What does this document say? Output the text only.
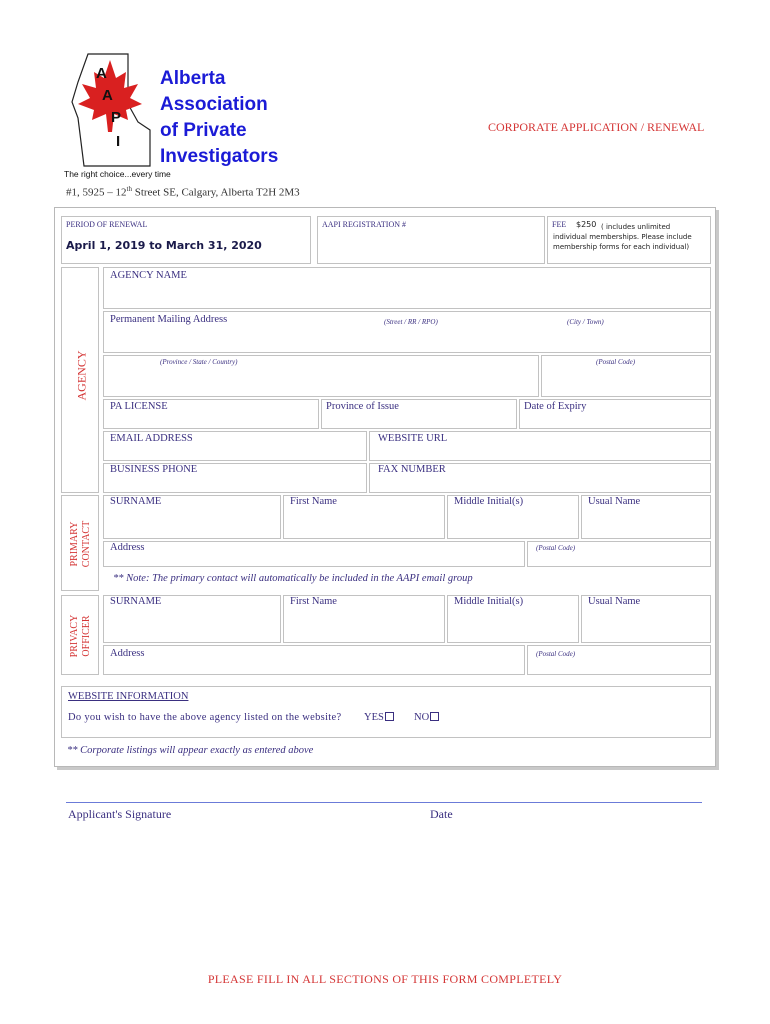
A
A
P
I
Alberta
Association
of Private
Investigators
The right choice...every time
CORPORATE APPLICATION / RENEWAL
#1, 5925 – 12th Street SE, Calgary, Alberta T2H 2M3
PERIOD OF RENEWAL
April 1, 2019 to March 31, 2020
AAPI REGISTRATION #	FEE $250 ( includes unlimited individual memberships. Please include membership forms for each individual)
AGENCY
AGENCY NAME
Permanent Mailing Address	(Street / RR / RPO)	(City / Town)
(Province / State / Country)	(Postal Code)
PA LICENSE	Province of Issue	Date of Expiry
EMAIL ADDRESS	WEBSITE URL
BUSINESS PHONE	FAX NUMBER
PRIMARY CONTACT
SURNAME	First Name	Middle Initial(s)	Usual Name
Address	(Postal Code)
** Note: The primary contact will automatically be included in the AAPI email group
PRIVACY OFFICER
SURNAME	First Name	Middle Initial(s)	Usual Name
Address	(Postal Code)
WEBSITE INFORMATION
Do you wish to have the above agency listed on the website? YES	NO
** Corporate listings will appear exactly as entered above
Applicant's Signature	Date
PLEASE FILL IN ALL SECTIONS OF THIS FORM COMPLETELY
